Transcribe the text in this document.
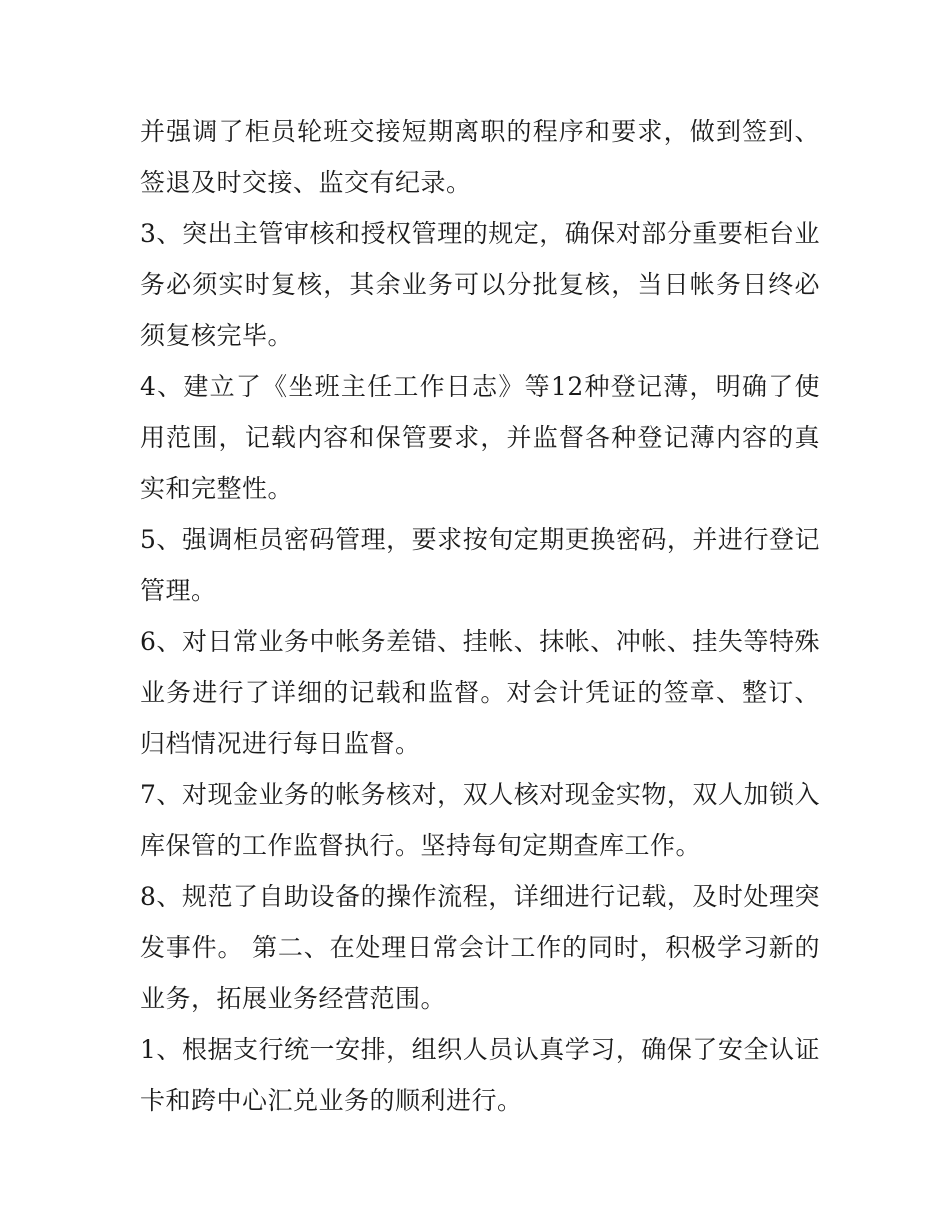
并强调了柜员轮班交接短期离职的程序和要求，做到签到、签退及时交接、监交有纪录。

3、突出主管审核和授权管理的规定，确保对部分重要柜台业务必须实时复核，其余业务可以分批复核，当日帐务日终必须复核完毕。

4、建立了《坐班主任工作日志》等12种登记薄，明确了使用范围，记载内容和保管要求，并监督各种登记薄内容的真实和完整性。

5、强调柜员密码管理，要求按旬定期更换密码，并进行登记管理。

6、对日常业务中帐务差错、挂帐、抹帐、冲帐、挂失等特殊业务进行了详细的记载和监督。对会计凭证的签章、整订、归档情况进行每日监督。

7、对现金业务的帐务核对，双人核对现金实物，双人加锁入库保管的工作监督执行。坚持每旬定期查库工作。

8、规范了自助设备的操作流程，详细进行记载，及时处理突发事件。 第二、在处理日常会计工作的同时，积极学习新的业务，拓展业务经营范围。

1、根据支行统一安排，组织人员认真学习，确保了安全认证卡和跨中心汇兑业务的顺利进行。
